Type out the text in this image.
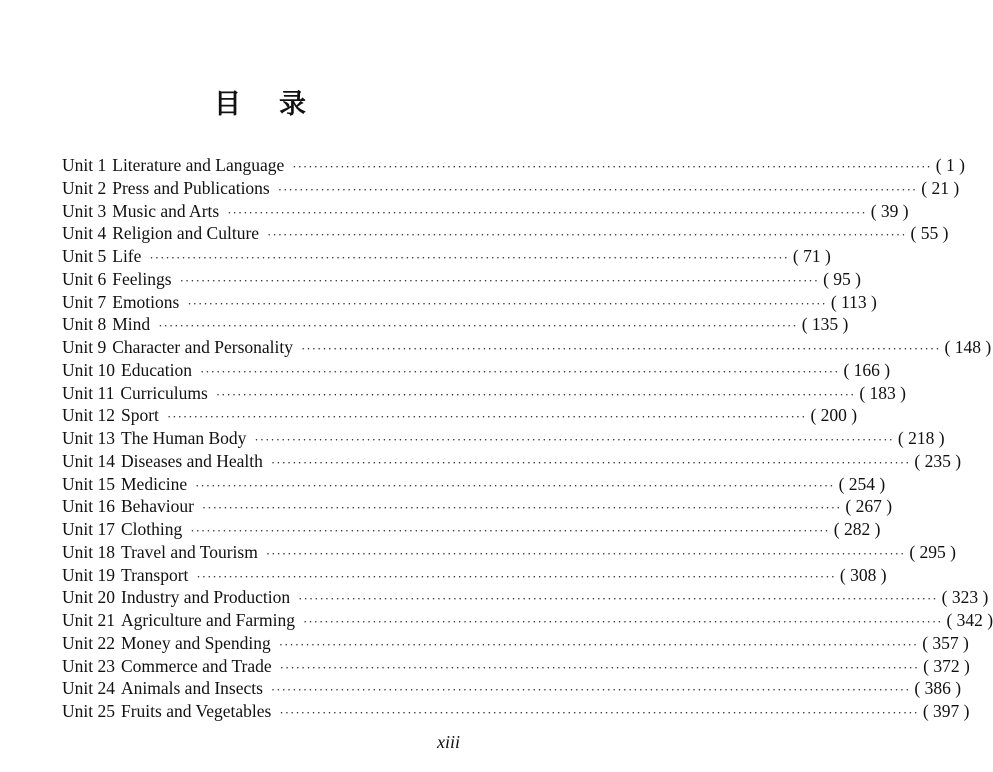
目 录
Unit 1 Literature and Language ························································································································ ( 1 )
Unit 2 Press and Publications ························································································································ ( 21 )
Unit 3 Music and Arts ························································································································ ( 39 )
Unit 4 Religion and Culture ························································································································ ( 55 )
Unit 5 Life ························································································································ ( 71 )
Unit 6 Feelings ························································································································ ( 95 )
Unit 7 Emotions ························································································································ ( 113 )
Unit 8 Mind ························································································································ ( 135 )
Unit 9 Character and Personality ························································································································ ( 148 )
Unit 10 Education ························································································································ ( 166 )
Unit 11 Curriculums ························································································································ ( 183 )
Unit 12 Sport ························································································································ ( 200 )
Unit 13 The Human Body ························································································································ ( 218 )
Unit 14 Diseases and Health ························································································································ ( 235 )
Unit 15 Medicine ························································································································ ( 254 )
Unit 16 Behaviour ························································································································ ( 267 )
Unit 17 Clothing ························································································································ ( 282 )
Unit 18 Travel and Tourism ························································································································ ( 295 )
Unit 19 Transport ························································································································ ( 308 )
Unit 20 Industry and Production ························································································································ ( 323 )
Unit 21 Agriculture and Farming ························································································································ ( 342 )
Unit 22 Money and Spending ························································································································ ( 357 )
Unit 23 Commerce and Trade ························································································································ ( 372 )
Unit 24 Animals and Insects ························································································································ ( 386 )
Unit 25 Fruits and Vegetables ························································································································ ( 397 )
xiii
